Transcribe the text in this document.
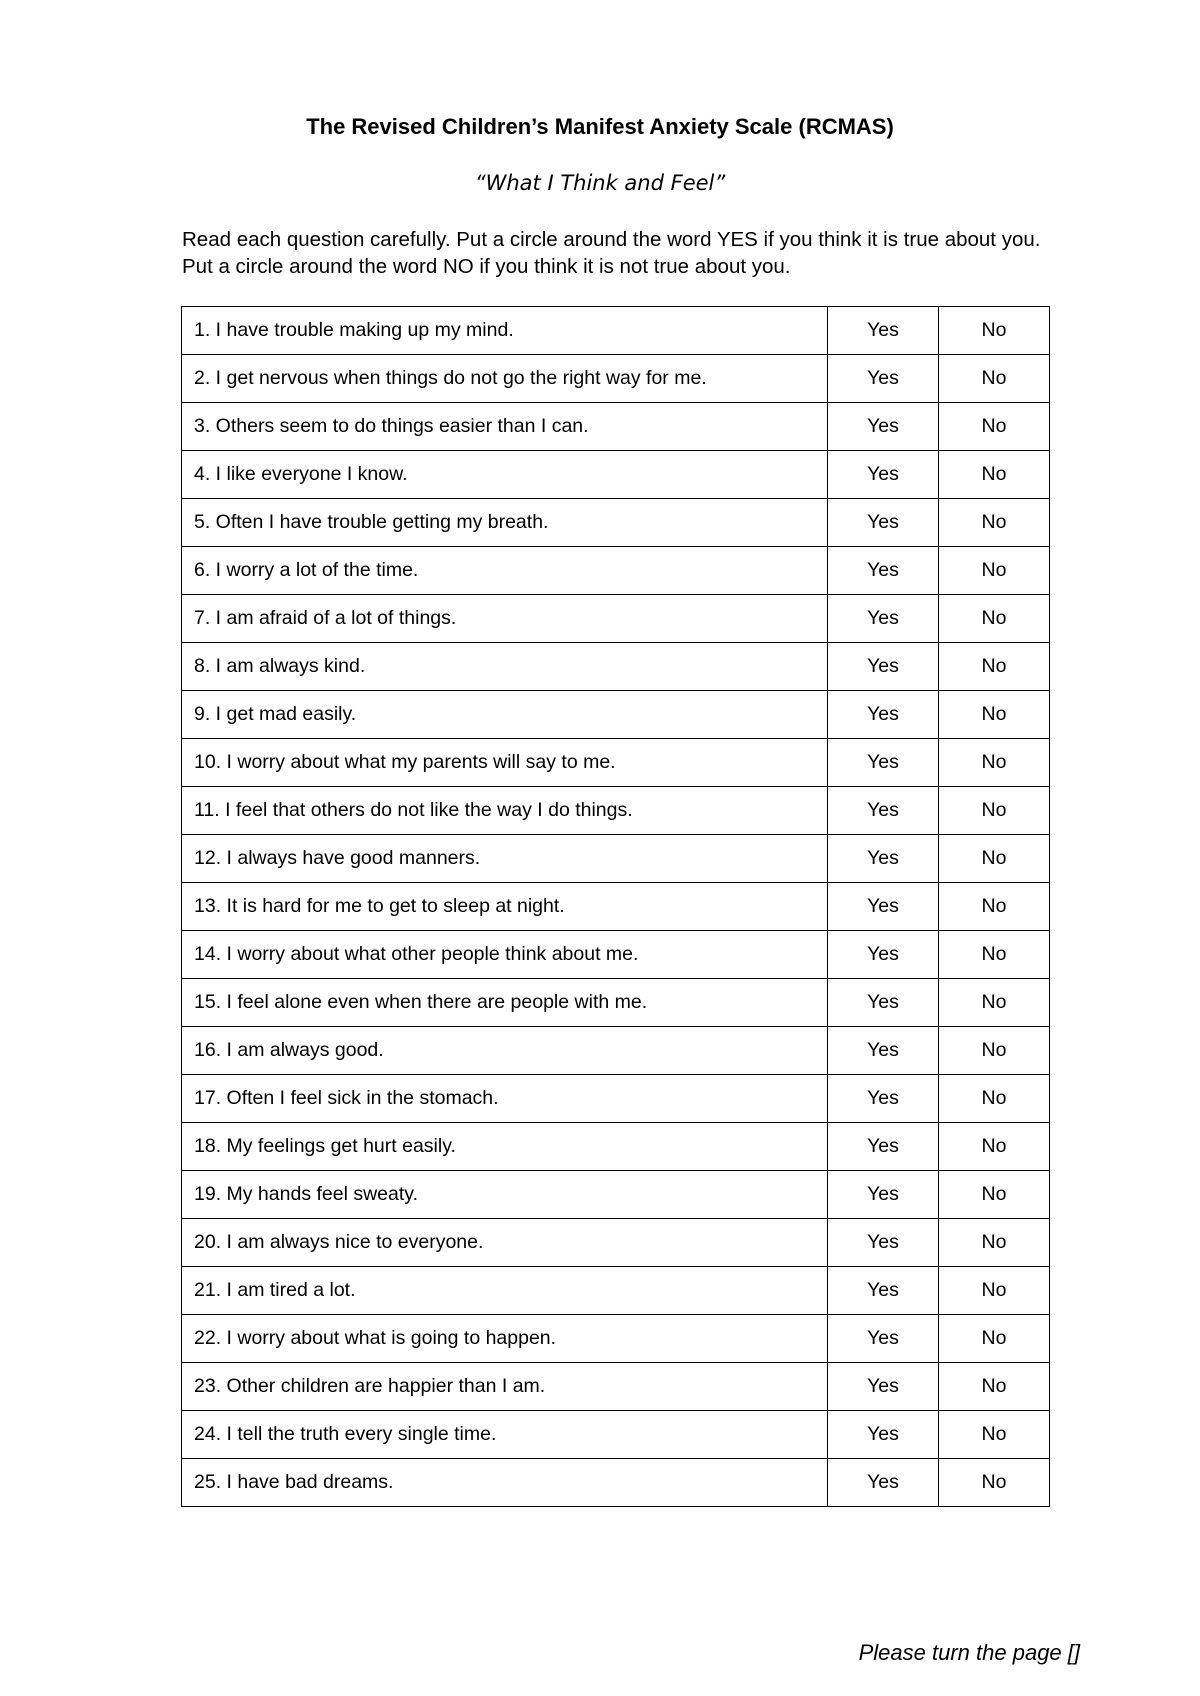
The Revised Children’s Manifest Anxiety Scale (RCMAS)

“What I Think and Feel”

Read each question carefully. Put a circle around the word YES if you think it is true about you. Put a circle around the word NO if you think it is not true about you.

1. I have trouble making up my mind.	Yes	No
2. I get nervous when things do not go the right way for me.	Yes	No
3. Others seem to do things easier than I can.	Yes	No
4. I like everyone I know.	Yes	No
5. Often I have trouble getting my breath.	Yes	No
6. I worry a lot of the time.	Yes	No
7. I am afraid of a lot of things.	Yes	No
8. I am always kind.	Yes	No
9. I get mad easily.	Yes	No
10. I worry about what my parents will say to me.	Yes	No
11. I feel that others do not like the way I do things.	Yes	No
12. I always have good manners.	Yes	No
13. It is hard for me to get to sleep at night.	Yes	No
14. I worry about what other people think about me.	Yes	No
15. I feel alone even when there are people with me.	Yes	No
16. I am always good.	Yes	No
17. Often I feel sick in the stomach.	Yes	No
18. My feelings get hurt easily.	Yes	No
19. My hands feel sweaty.	Yes	No
20. I am always nice to everyone.	Yes	No
21. I am tired a lot.	Yes	No
22. I worry about what is going to happen.	Yes	No
23. Other children are happier than I am.	Yes	No
24. I tell the truth every single time.	Yes	No
25. I have bad dreams.	Yes	No

Please turn the page []
